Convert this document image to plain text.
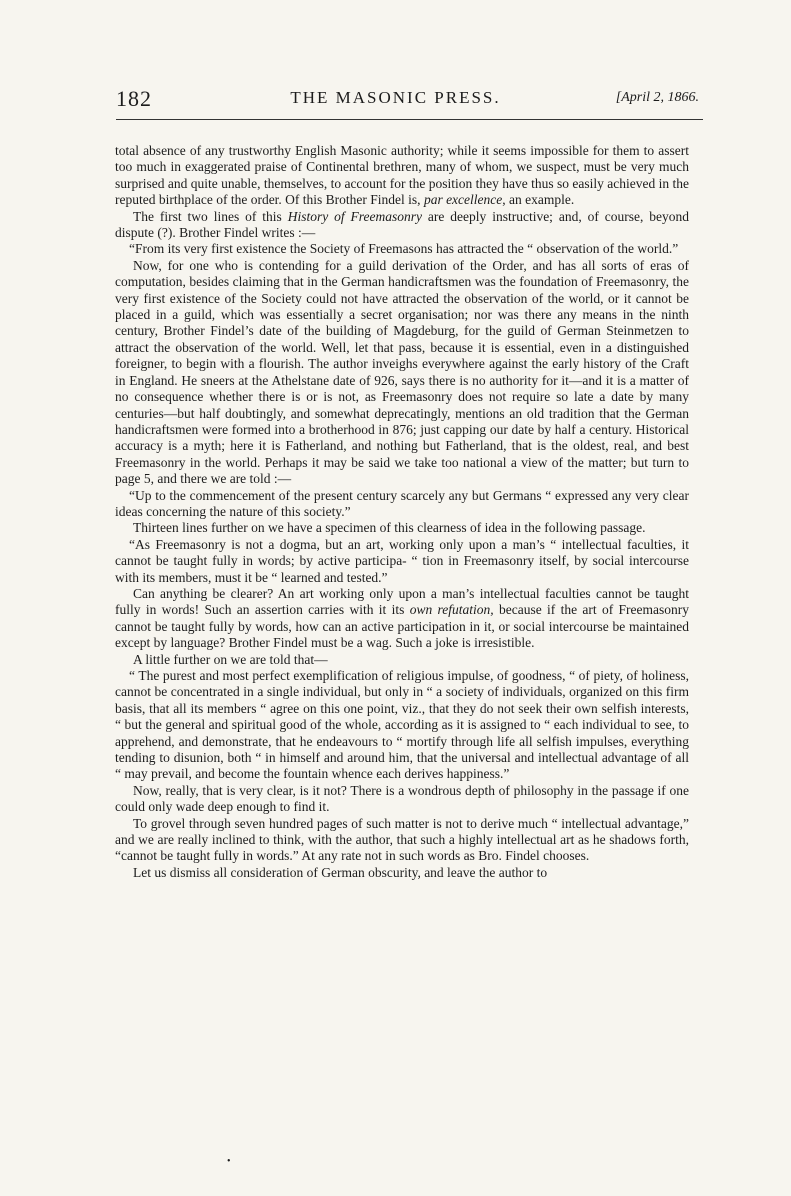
182	THE MASONIC PRESS.	[April 2, 1866.

total absence of any trustworthy English Masonic authority; while it seems impossible for them to assert too much in exaggerated praise of Continental brethren, many of whom, we suspect, must be very much surprised and quite unable, themselves, to account for the position they have thus so easily achieved in the reputed birthplace of the order. Of this Brother Findel is, par excellence, an example.

The first two lines of this History of Freemasonry are deeply instructive; and, of course, beyond dispute (?). Brother Findel writes :—

“From its very first existence the Society of Freemasons has attracted the “ observation of the world.”

Now, for one who is contending for a guild derivation of the Order, and has all sorts of eras of computation, besides claiming that in the German handicraftsmen was the foundation of Freemasonry, the very first existence of the Society could not have attracted the observation of the world, or it cannot be placed in a guild, which was essentially a secret organisation; nor was there any means in the ninth century, Brother Findel’s date of the building of Magdeburg, for the guild of German Steinmetzen to attract the observation of the world. Well, let that pass, because it is essential, even in a distinguished foreigner, to begin with a flourish. The author inveighs everywhere against the early history of the Craft in England. He sneers at the Athelstane date of 926, says there is no authority for it—and it is a matter of no consequence whether there is or is not, as Freemasonry does not require so late a date by many centuries—but half doubtingly, and somewhat deprecatingly, mentions an old tradition that the German handicraftsmen were formed into a brotherhood in 876; just capping our date by half a century. Historical accuracy is a myth; here it is Fatherland, and nothing but Fatherland, that is the oldest, real, and best Freemasonry in the world. Perhaps it may be said we take too national a view of the matter; but turn to page 5, and there we are told :—

“Up to the commencement of the present century scarcely any but Germans “ expressed any very clear ideas concerning the nature of this society.”

Thirteen lines further on we have a specimen of this clearness of idea in the following passage.

“As Freemasonry is not a dogma, but an art, working only upon a man’s “ intellectual faculties, it cannot be taught fully in words; by active participa- “ tion in Freemasonry itself, by social intercourse with its members, must it be “ learned and tested.”

Can anything be clearer? An art working only upon a man’s intellectual faculties cannot be taught fully in words! Such an assertion carries with it its own refutation, because if the art of Freemasonry cannot be taught fully by words, how can an active participation in it, or social intercourse be maintained except by language? Brother Findel must be a wag. Such a joke is irresistible.

A little further on we are told that—

“ The purest and most perfect exemplification of religious impulse, of goodness, “ of piety, of holiness, cannot be concentrated in a single individual, but only in “ a society of individuals, organized on this firm basis, that all its members “ agree on this one point, viz., that they do not seek their own selfish interests, “ but the general and spiritual good of the whole, according as it is assigned to “ each individual to see, to apprehend, and demonstrate, that he endeavours to “ mortify through life all selfish impulses, everything tending to disunion, both “ in himself and around him, that the universal and intellectual advantage of all “ may prevail, and become the fountain whence each derives happiness.”

Now, really, that is very clear, is it not? There is a wondrous depth of philosophy in the passage if one could only wade deep enough to find it.

To grovel through seven hundred pages of such matter is not to derive much “ intellectual advantage,” and we are really inclined to think, with the author, that such a highly intellectual art as he shadows forth, “cannot be taught fully in words.” At any rate not in such words as Bro. Findel chooses.

Let us dismiss all consideration of German obscurity, and leave the author to

•
